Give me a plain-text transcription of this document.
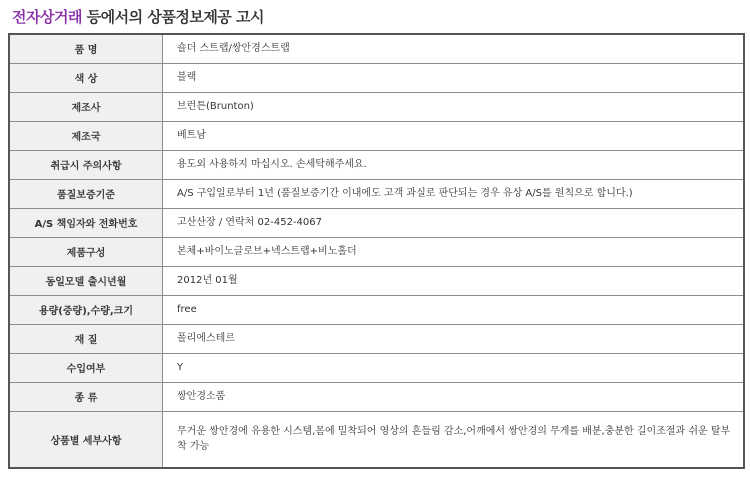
전자상거래 등에서의 상품정보제공 고시
품 명	숄더 스트랩/쌍안경스트랩
색 상	블랙
제조사	브런튼(Brunton)
제조국	베트남
취급시 주의사항	용도외 사용하지 마십시오. 손세탁해주세요.
품질보증기준	A/S 구입일로부터 1년 (품질보증기간 이내에도 고객 과실로 판단되는 경우 유상 A/S를 원칙으로 합니다.)
A/S 책임자와 전화번호	고산산장 / 연락처 02-452-4067
제품구성	본체+바이노글로브+넥스트랩+비노홀더
동일모델 출시년월	2012년 01월
용량(중량),수량,크기	free
재 질	폴리에스테르
수입여부	Y
종 류	쌍안경소품
상품별 세부사항	무거운 쌍안경에 유용한 시스템,몸에 밀착되어 영상의 흔들림 감소,어깨에서 쌍안경의 무게를 배분,충분한 길이조절과 쉬운 탈부착 가능
